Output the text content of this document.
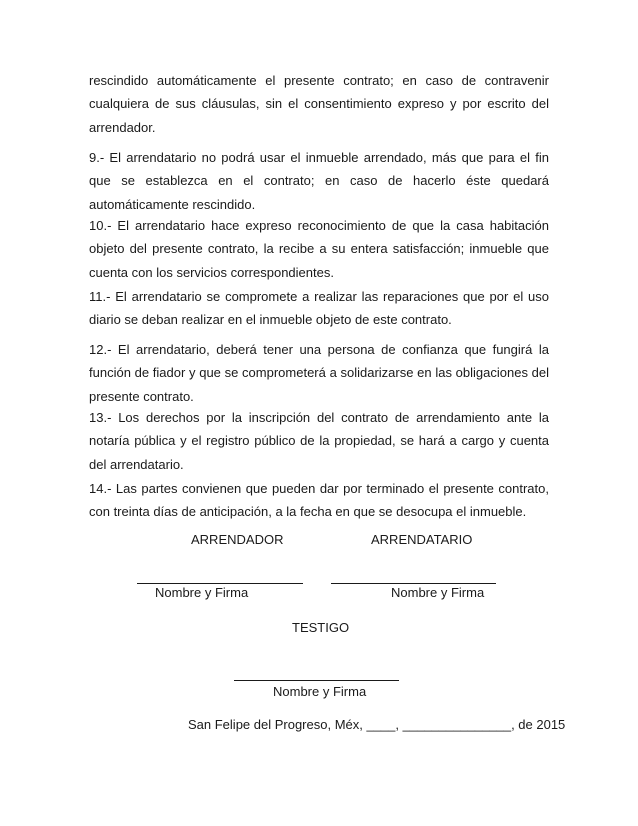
rescindido automáticamente el presente contrato; en caso de contravenir cualquiera de sus cláusulas, sin el consentimiento expreso y por escrito del arrendador.

9.- El arrendatario no podrá usar el inmueble arrendado, más que para el fin que se establezca en el contrato; en caso de hacerlo éste quedará automáticamente rescindido.

10.- El arrendatario hace expreso reconocimiento de que la casa habitación objeto del presente contrato, la recibe a su entera satisfacción; inmueble que cuenta con los servicios correspondientes.

11.- El arrendatario se compromete a realizar las reparaciones que por el uso diario se deban realizar en el inmueble objeto de este contrato.

12.- El arrendatario, deberá tener una persona de confianza que fungirá la función de fiador y que se comprometerá a solidarizarse en las obligaciones del presente contrato.

13.- Los derechos por la inscripción del contrato de arrendamiento ante la notaría pública y el registro público de la propiedad, se hará a cargo y cuenta del arrendatario.

14.- Las partes convienen que pueden dar por terminado el presente contrato, con treinta días de anticipación, a la fecha en que se desocupa el inmueble.

ARRENDADOR	ARRENDATARIO
Nombre y Firma	Nombre y Firma
TESTIGO
Nombre y Firma
San Felipe del Progreso, Méx, ____, _______________, de 2015
